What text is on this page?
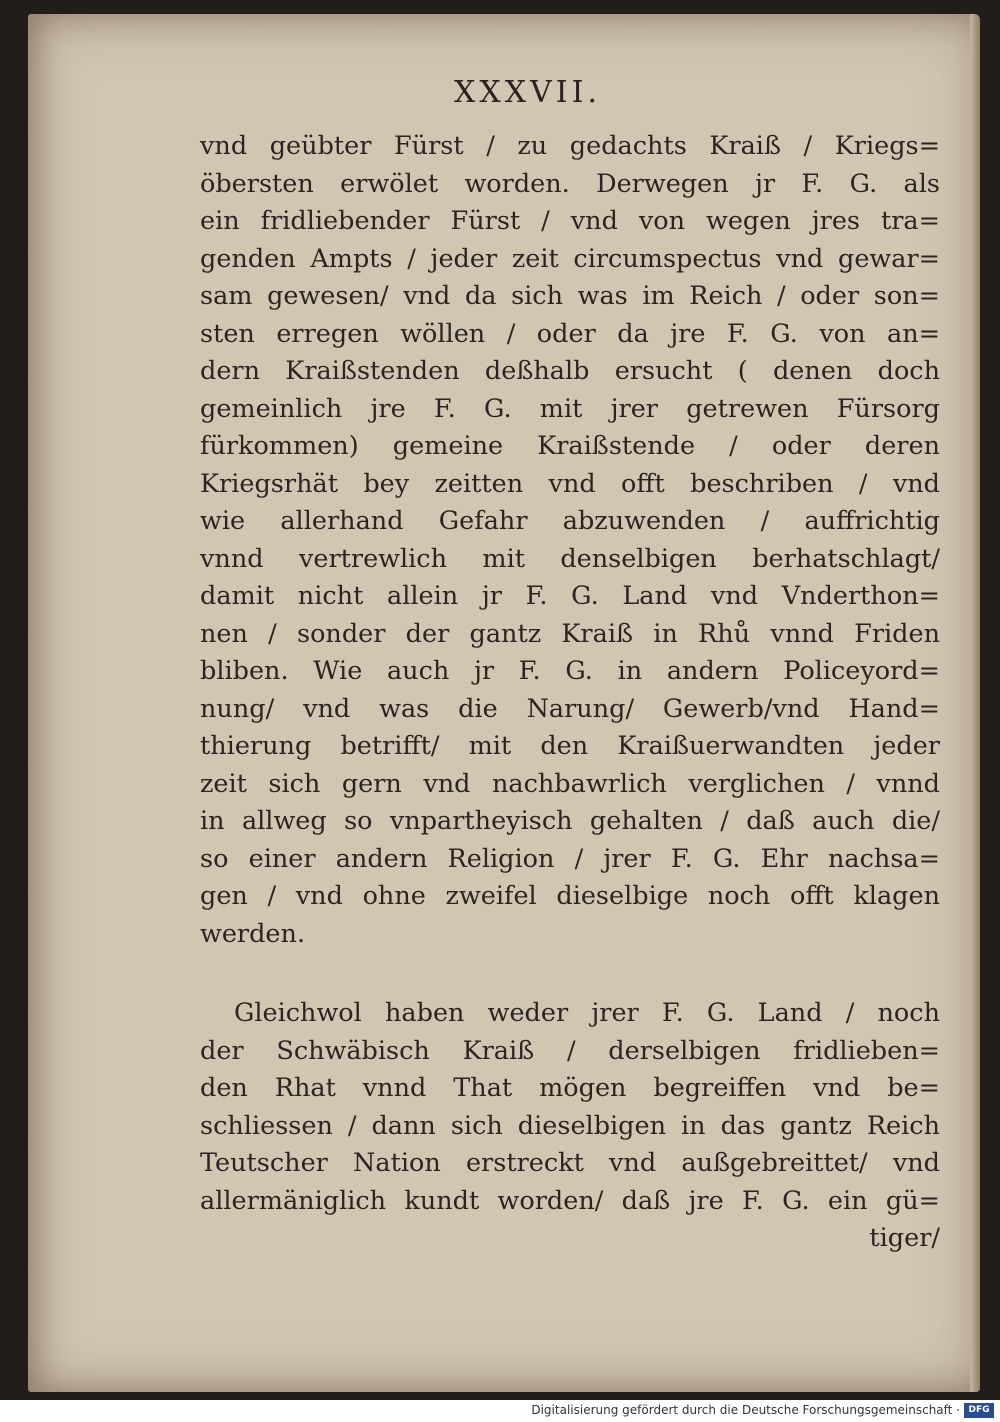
XXXVII.
vnd geübter Fürst / zu gedachts Kraiß / Kriegs=
öbersten erwölet worden. Derwegen jr F. G. als
ein fridliebender Fürst / vnd von wegen jres tra=
genden Ampts / jeder zeit circumspectus vnd gewar=
sam gewesen/ vnd da sich was im Reich / oder son=
sten erregen wöllen / oder da jre F. G. von an=
dern Kraißstenden deßhalb ersucht ( denen doch
gemeinlich jre F. G. mit jrer getrewen Fürsorg
fürkommen) gemeine Kraißstende / oder deren
Kriegsrhät bey zeitten vnd offt beschriben / vnd
wie allerhand Gefahr abzuwenden / auffrichtig
vnnd vertrewlich mit denselbigen berhatschlagt/
damit nicht allein jr F. G. Land vnd Vnderthon=
nen / sonder der gantz Kraiß in Rhů vnnd Friden
bliben. Wie auch jr F. G. in andern Policeyord=
nung/ vnd was die Narung/ Gewerb/vnd Hand=
thierung betrifft/ mit den Kraißuerwandten jeder
zeit sich gern vnd nachbawrlich verglichen / vnnd
in allweg so vnpartheyisch gehalten / daß auch die/
so einer andern Religion / jrer F. G. Ehr nachsa=
gen / vnd ohne zweifel dieselbige noch offt klagen
werden.
Gleichwol haben weder jrer F. G. Land / noch
der Schwäbisch Kraiß / derselbigen fridlieben=
den Rhat vnnd That mögen begreiffen vnd be=
schliessen / dann sich dieselbigen in das gantz Reich
Teutscher Nation erstreckt vnd außgebreittet/ vnd
allermäniglich kundt worden/ daß jre F. G. ein gü=
tiger/
Digitalisierung gefördert durch die Deutsche Forschungsgemeinschaft · DFG
